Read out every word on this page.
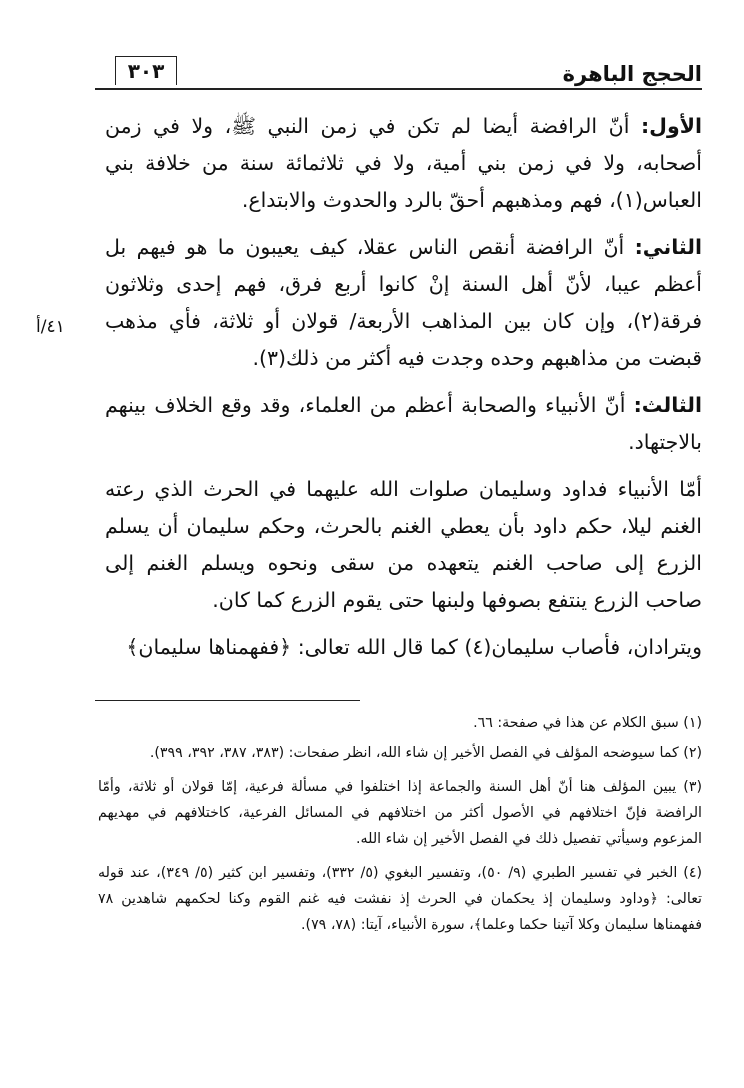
الحجج الباهرة
٣٠٣
٤١/أ

الأول: أنّ الرافضة أيضا لم تكن في زمن النبي ﷺ، ولا في زمن أصحابه، ولا في زمن بني أمية، ولا في ثلاثمائة سنة من خلافة بني العباس(١)، فهم ومذهبهم أحقّ بالرد والحدوث والابتداع.

الثاني: أنّ الرافضة أنقص الناس عقلا، كيف يعيبون ما هو فيهم بل أعظم عيبا، لأنّ أهل السنة إنْ كانوا أربع فرق، فهم إحدى وثلاثون فرقة(٢)، وإن كان بين المذاهب الأربعة/ قولان أو ثلاثة، فأي مذهب قبضت من مذاهبهم وحده وجدت فيه أكثر من ذلك(٣).

الثالث: أنّ الأنبياء والصحابة أعظم من العلماء، وقد وقع الخلاف بينهم بالاجتهاد.

أمّا الأنبياء فداود وسليمان صلوات الله عليهما في الحرث الذي رعته الغنم ليلا، حكم داود بأن يعطي الغنم بالحرث، وحكم سليمان أن يسلم الزرع إلى صاحب الغنم يتعهده من سقى ونحوه ويسلم الغنم إلى صاحب الزرع ينتفع بصوفها ولبنها حتى يقوم الزرع كما كان.

ويترادان، فأصاب سليمان(٤) كما قال الله تعالى: ﴿ففهمناها سليمان﴾

(١) سبق الكلام عن هذا في صفحة: ٦٦.

(٢) كما سيوضحه المؤلف في الفصل الأخير إن شاء الله، انظر صفحات: (٣٨٣، ٣٨٧، ٣٩٢، ٣٩٩).

(٣) يبين المؤلف هنا أنّ أهل السنة والجماعة إذا اختلفوا في مسألة فرعية، إمّا قولان أو ثلاثة، وأمّا الرافضة فإنّ اختلافهم في الأصول أكثر من اختلافهم في المسائل الفرعية، كاختلافهم في مهديهم المزعوم وسيأتي تفصيل ذلك في الفصل الأخير إن شاء الله.

(٤) الخبر في تفسير الطبري (٩/ ٥٠)، وتفسير البغوي (٥/ ٣٣٢)، وتفسير ابن كثير (٥/ ٣٤٩)، عند قوله تعالى: ﴿وداود وسليمان إذ يحكمان في الحرث إذ نفشت فيه غنم القوم وكنا لحكمهم شاهدين ٧٨ ففهمناها سليمان وكلا آتينا حكما وعلما﴾، سورة الأنبياء، آيتا: (٧٨، ٧٩).
